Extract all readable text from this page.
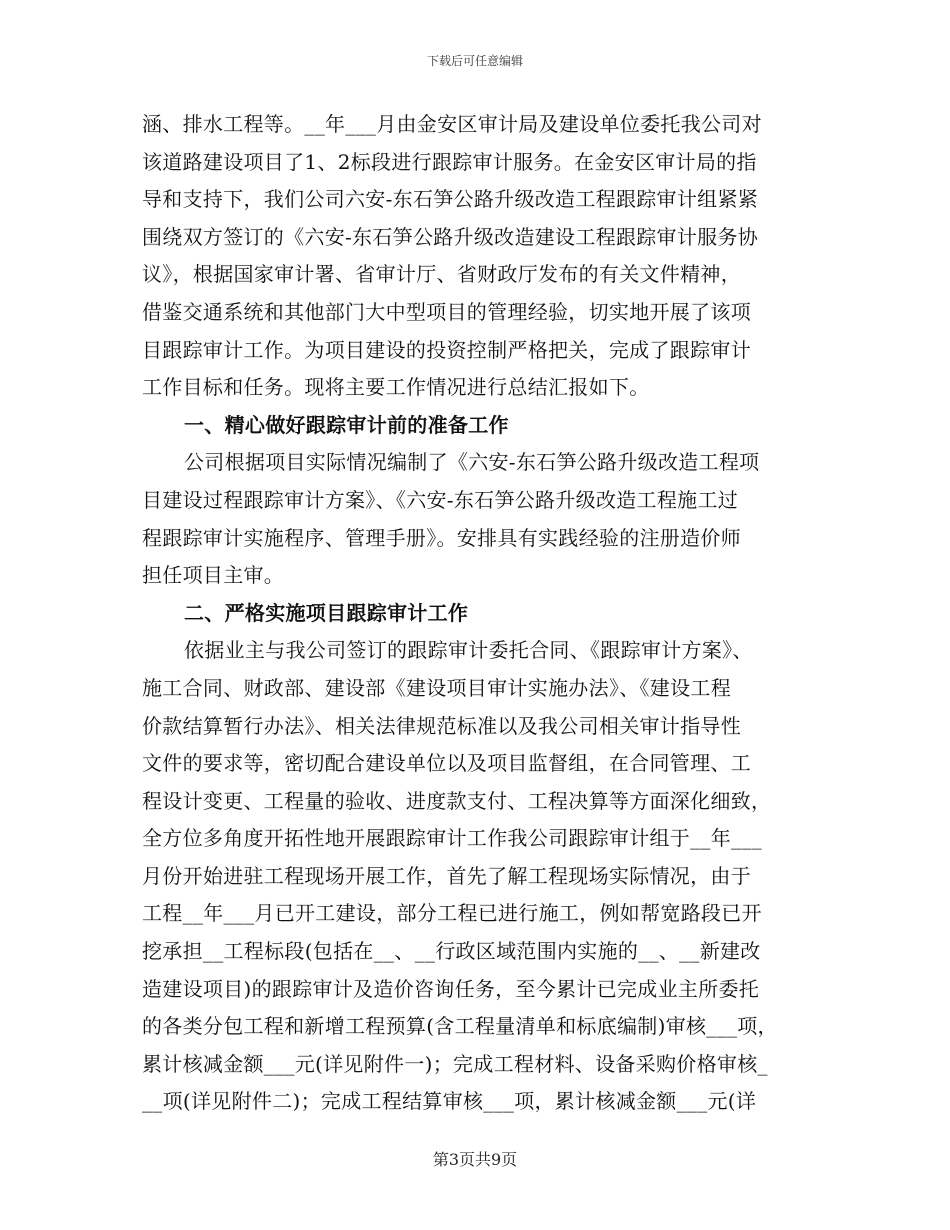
下载后可任意编辑
涵、排水工程等。__年___月由金安区审计局及建设单位委托我公司对
该道路建设项目了1、2标段进行跟踪审计服务。在金安区审计局的指
导和支持下，我们公司六安-东石笋公路升级改造工程跟踪审计组紧紧
围绕双方签订的《六安-东石笋公路升级改造建设工程跟踪审计服务协
议》，根据国家审计署、省审计厅、省财政厅发布的有关文件精神，
借鉴交通系统和其他部门大中型项目的管理经验，切实地开展了该项
目跟踪审计工作。为项目建设的投资控制严格把关，完成了跟踪审计
工作目标和任务。现将主要工作情况进行总结汇报如下。
一、精心做好跟踪审计前的准备工作
公司根据项目实际情况编制了《六安-东石笋公路升级改造工程项
目建设过程跟踪审计方案》、《六安-东石笋公路升级改造工程施工过
程跟踪审计实施程序、管理手册》。安排具有实践经验的注册造价师
担任项目主审。
二、严格实施项目跟踪审计工作
依据业主与我公司签订的跟踪审计委托合同、《跟踪审计方案》、
施工合同、财政部、建设部《建设项目审计实施办法》、《建设工程
价款结算暂行办法》、相关法律规范标准以及我公司相关审计指导性
文件的要求等，密切配合建设单位以及项目监督组，在合同管理、工
程设计变更、工程量的验收、进度款支付、工程决算等方面深化细致，
全方位多角度开拓性地开展跟踪审计工作我公司跟踪审计组于__年___
月份开始进驻工程现场开展工作，首先了解工程现场实际情况，由于
工程__年___月已开工建设，部分工程已进行施工，例如帮宽路段已开
挖承担__工程标段(包括在__、__行政区域范围内实施的__、__新建改
造建设项目)的跟踪审计及造价咨询任务，至今累计已完成业主所委托
的各类分包工程和新增工程预算(含工程量清单和标底编制)审核___项，
累计核减金额___元(详见附件一)；完成工程材料、设备采购价格审核_
__项(详见附件二)；完成工程结算审核___项，累计核减金额___元(详
第3页共9页
